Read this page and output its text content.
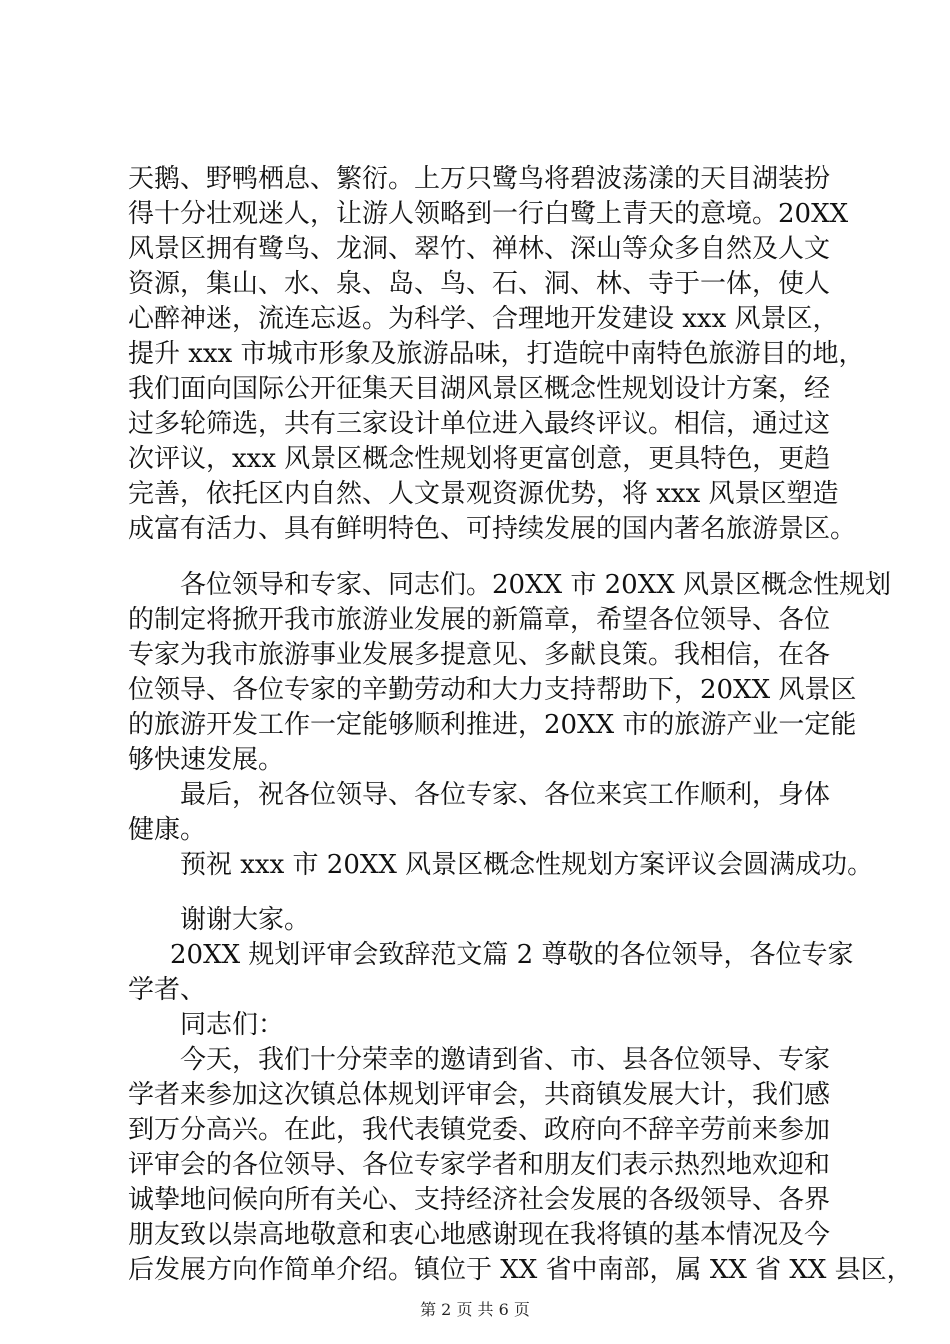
天鹅、野鸭栖息、繁衍。上万只鹭鸟将碧波荡漾的天目湖装扮

得十分壮观迷人，让游人领略到一行白鹭上青天的意境。20XX

风景区拥有鹭鸟、龙洞、翠竹、禅林、深山等众多自然及人文

资源，集山、水、泉、岛、鸟、石、洞、林、寺于一体，使人

心醉神迷，流连忘返。为科学、合理地开发建设 xxx 风景区，

提升 xxx 市城市形象及旅游品味，打造皖中南特色旅游目的地，

我们面向国际公开征集天目湖风景区概念性规划设计方案，经

过多轮筛选，共有三家设计单位进入最终评议。相信，通过这

次评议，xxx 风景区概念性规划将更富创意，更具特色，更趋

完善，依托区内自然、人文景观资源优势，将 xxx 风景区塑造

成富有活力、具有鲜明特色、可持续发展的国内著名旅游景区。

各位领导和专家、同志们。20XX 市 20XX 风景区概念性规划

的制定将掀开我市旅游业发展的新篇章，希望各位领导、各位

专家为我市旅游事业发展多提意见、多献良策。我相信，在各

位领导、各位专家的辛勤劳动和大力支持帮助下，20XX 风景区

的旅游开发工作一定能够顺利推进，20XX 市的旅游产业一定能

够快速发展。

最后，祝各位领导、各位专家、各位来宾工作顺利，身体

健康。

预祝 xxx 市 20XX 风景区概念性规划方案评议会圆满成功。

谢谢大家。

20XX 规划评审会致辞范文篇 2 尊敬的各位领导，各位专家

学者、

同志们：

今天，我们十分荣幸的邀请到省、市、县各位领导、专家

学者来参加这次镇总体规划评审会，共商镇发展大计，我们感

到万分高兴。在此，我代表镇党委、政府向不辞辛劳前来参加

评审会的各位领导、各位专家学者和朋友们表示热烈地欢迎和

诚挚地问候向所有关心、支持经济社会发展的各级领导、各界

朋友致以崇高地敬意和衷心地感谢现在我将镇的基本情况及今

后发展方向作简单介绍。镇位于 XX 省中南部，属 XX 省 XX 县区，

第 2 页 共 6 页
